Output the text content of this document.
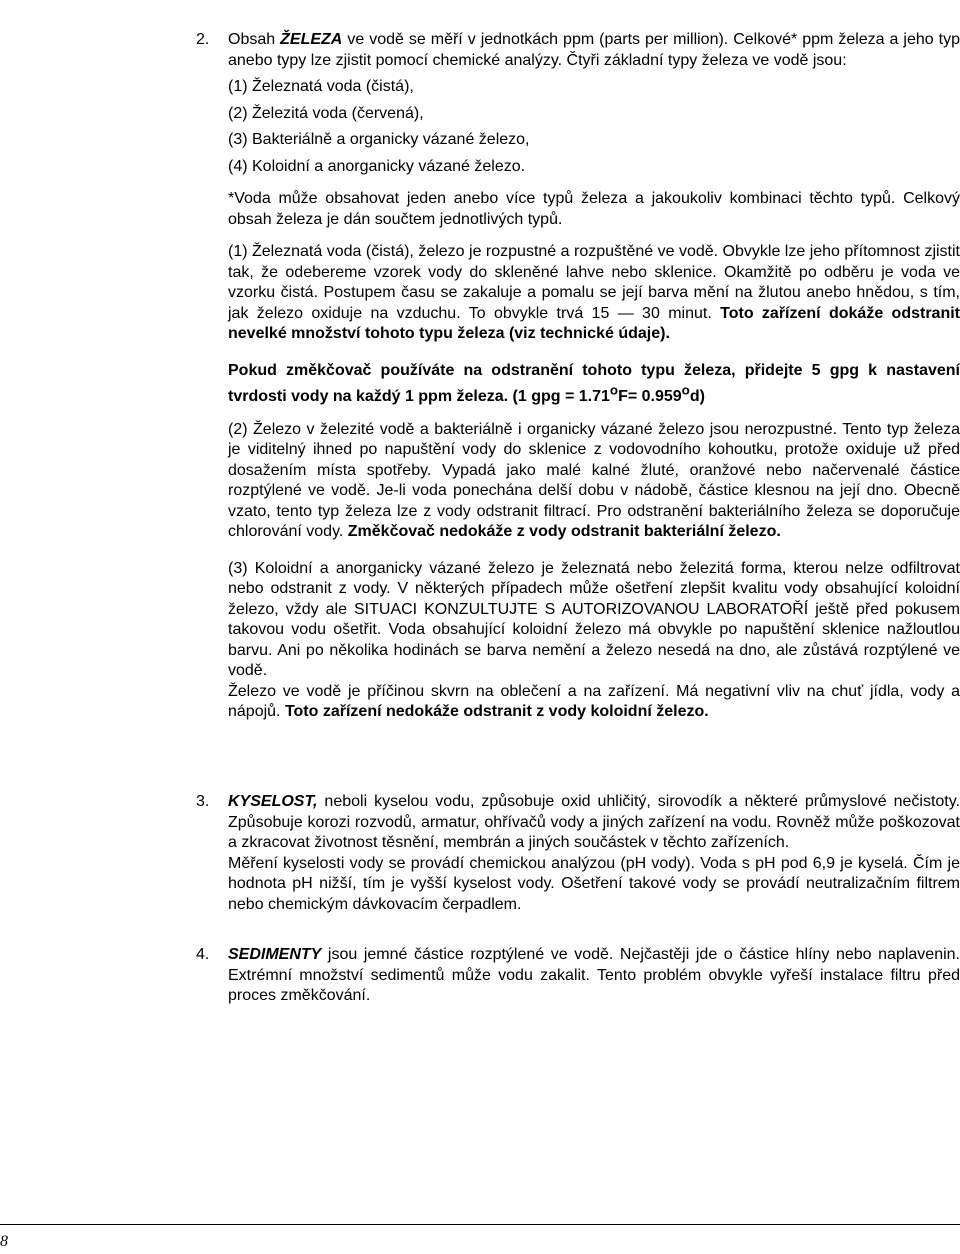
2.	Obsah ŽELEZA ve vodě se měří v jednotkách ppm (parts per million). Celkové* ppm železa a jeho typ anebo typy lze zjistit pomocí chemické analýzy. Čtyři základní typy železa ve vodě jsou:

(1) Železnatá voda (čistá),

(2) Železitá voda (červená),

(3) Bakteriálně a organicky vázané železo,

(4) Koloidní a anorganicky vázané železo.

*Voda může obsahovat jeden anebo více typů železa a jakoukoliv kombinaci těchto typů. Celkový obsah železa je dán součtem jednotlivých typů.

(1) Železnatá voda (čistá), železo je rozpustné a rozpuštěné ve vodě. Obvykle lze jeho přítomnost zjistit tak, že odebereme vzorek vody do skleněné lahve nebo sklenice. Okamžitě po odběru je voda ve vzorku čistá. Postupem času se zakaluje a pomalu se její barva mění na žlutou anebo hnědou, s tím, jak železo oxiduje na vzduchu. To obvykle trvá 15 — 30 minut. Toto zařízení dokáže odstranit nevelké množství tohoto typu železa (viz technické údaje).

Pokud změkčovač používáte na odstranění tohoto typu železa, přidejte 5 gpg k nastavení tvrdosti vody na každý 1 ppm železa. (1 gpg = $1.71^oF= 0.959^od$)

(2) Železo v železité vodě a bakteriálně i organicky vázané železo jsou nerozpustné. Tento typ železa je viditelný ihned po napuštění vody do sklenice z vodovodního kohoutku, protože oxiduje už před dosažením místa spotřeby. Vypadá jako malé kalné žluté, oranžové nebo načervenalé částice rozptýlené ve vodě. Je-li voda ponechána delší dobu v nádobě, částice klesnou na její dno. Obecně vzato, tento typ železa lze z vody odstranit filtrací. Pro odstranění bakteriálního železa se doporučuje chlorování vody. Změkčovač nedokáže z vody odstranit bakteriální železo.

(3) Koloidní a anorganicky vázané železo je železnatá nebo železitá forma, kterou nelze odfiltrovat nebo odstranit z vody. V některých případech může ošetření zlepšit kvalitu vody obsahující koloidní železo, vždy ale SITUACI KONZULTUJTE S AUTORIZOVANOU LABORATOŘÍ ještě před pokusem takovou vodu ošetřit. Voda obsahující koloidní železo má obvykle po napuštění sklenice nažloutlou barvu. Ani po několika hodinách se barva nemění a železo nesedá na dno, ale zůstává rozptýlené ve vodě.

Železo ve vodě je příčinou skvrn na oblečení a na zařízení. Má negativní vliv na chuť jídla, vody a nápojů. Toto zařízení nedokáže odstranit z vody koloidní železo.

3.	KYSELOST, neboli kyselou vodu, způsobuje oxid uhličitý, sirovodík a některé průmyslové nečistoty. Způsobuje korozi rozvodů, armatur, ohřívačů vody a jiných zařízení na vodu. Rovněž může poškozovat a zkracovat životnost těsnění, membrán a jiných součástek v těchto zařízeních.

Měření kyselosti vody se provádí chemickou analýzou (pH vody). Voda s pH pod 6,9 je kyselá. Čím je hodnota pH nižší, tím je vyšší kyselost vody. Ošetření takové vody se provádí neutralizačním filtrem nebo chemickým dávkovacím čerpadlem.

4.	SEDIMENTY jsou jemné částice rozptýlené ve vodě. Nejčastěji jde o částice hlíny nebo naplavenin. Extrémní množství sedimentů může vodu zakalit. Tento problém obvykle vyřeší instalace filtru před proces změkčování.

8
